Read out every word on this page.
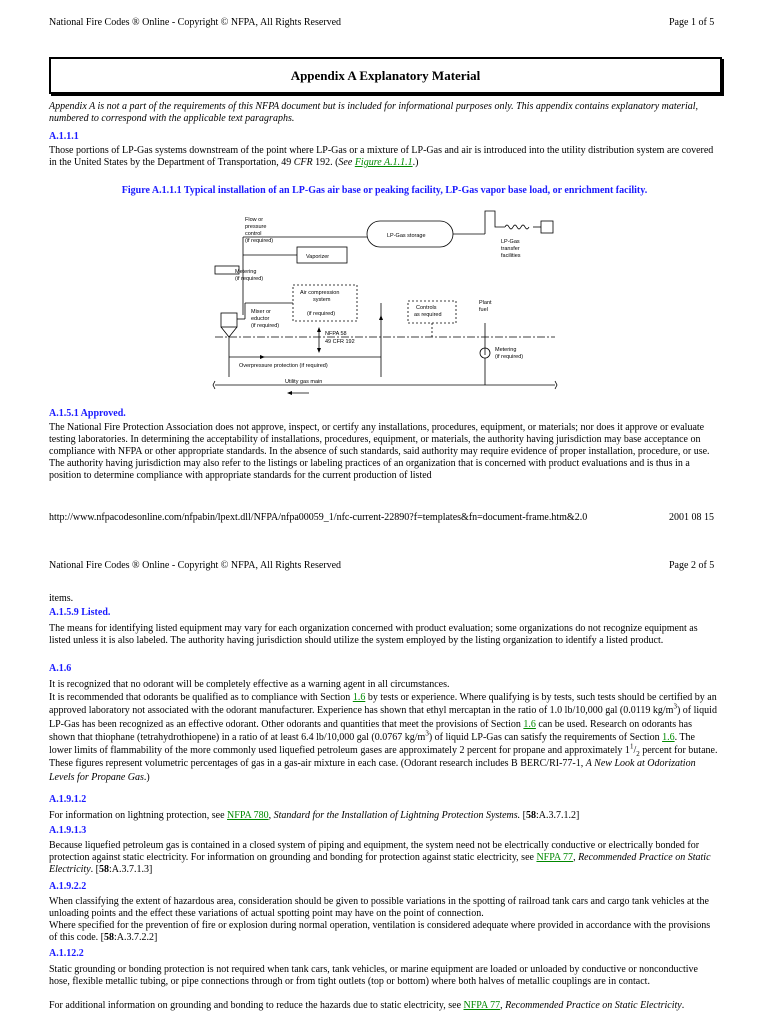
National Fire Codes ® Online - Copyright © NFPA, All Rights Reserved	Page 1 of 5
Appendix A Explanatory Material
Appendix A is not a part of the requirements of this NFPA document but is included for informational purposes only. This appendix contains explanatory material, numbered to correspond with the applicable text paragraphs.
A.1.1.1
Those portions of LP-Gas systems downstream of the point where LP-Gas or a mixture of LP-Gas and air is introduced into the utility distribution system are covered in the United States by the Department of Transportation, 49 CFR 192. (See Figure A.1.1.1.)
Figure A.1.1.1 Typical installation of an LP-Gas air base or peaking facility, LP-Gas vapor base load, or enrichment facility.
Flow or
pressure
control
(if required)
LP-Gas storage
LP-Gas
transfer
facilities
Vaporizer
Metering
(if required)
Air compression
system
(if required)
Controls
as required
Plant
fuel
Mixer or
eductor
(if required)
NFPA 58
49 CFR 192
Metering
(if required)
Overpressure protection (if required)
Utility gas main
A.1.5.1 Approved.
The National Fire Protection Association does not approve, inspect, or certify any installations, procedures, equipment, or materials; nor does it approve or evaluate testing laboratories. In determining the acceptability of installations, procedures, equipment, or materials, the authority having jurisdiction may base acceptance on compliance with NFPA or other appropriate standards. In the absence of such standards, said authority may require evidence of proper installation, procedure, or use. The authority having jurisdiction may also refer to the listings or labeling practices of an organization that is concerned with product evaluations and is thus in a position to determine compliance with appropriate standards for the current production of listed
http://www.nfpacodesonline.com/nfpabin/lpext.dll/NFPA/nfpa00059_1/nfc-current-22890?f=templates&fn=document-frame.htm&2.0	2001 08 15
National Fire Codes ® Online - Copyright © NFPA, All Rights Reserved	Page 2 of 5
items.
A.1.5.9 Listed.
The means for identifying listed equipment may vary for each organization concerned with product evaluation; some organizations do not recognize equipment as listed unless it is also labeled. The authority having jurisdiction should utilize the system employed by the listing organization to identify a listed product.
A.1.6
It is recognized that no odorant will be completely effective as a warning agent in all circumstances.
It is recommended that odorants be qualified as to compliance with Section 1.6 by tests or experience. Where qualifying is by tests, such tests should be certified by an approved laboratory not associated with the odorant manufacturer. Experience has shown that ethyl mercaptan in the ratio of 1.0 lb/10,000 gal (0.0119 $kg/m^3$) of liquid LP-Gas has been recognized as an effective odorant. Other odorants and quantities that meet the provisions of Section 1.6 can be used. Research on odorants has shown that thiophane (tetrahydrothiopene) in a ratio of at least 6.4 lb/10,000 gal (0.0767 $kg/m^3$) of liquid LP-Gas can satisfy the requirements of Section 1.6. The lower limits of flammability of the more commonly used liquefied petroleum gases are approximately 2 percent for propane and approximately $1^1/_2$ percent for butane. These figures represent volumetric percentages of gas in a gas-air mixture in each case. (Odorant research includes B BERC/RI-77-1, A New Look at Odorization Levels for Propane Gas.)
A.1.9.1.2
For information on lightning protection, see NFPA 780, Standard for the Installation of Lightning Protection Systems. [58:A.3.7.1.2]
A.1.9.1.3
Because liquefied petroleum gas is contained in a closed system of piping and equipment, the system need not be electrically conductive or electrically bonded for protection against static electricity. For information on grounding and bonding for protection against static electricity, see NFPA 77, Recommended Practice on Static Electricity. [58:A.3.7.1.3]
A.1.9.2.2
When classifying the extent of hazardous area, consideration should be given to possible variations in the spotting of railroad tank cars and cargo tank vehicles at the unloading points and the effect these variations of actual spotting point may have on the point of connection.
Where specified for the prevention of fire or explosion during normal operation, ventilation is considered adequate where provided in accordance with the provisions of this code. [58:A.3.7.2.2]
A.1.12.2
Static grounding or bonding protection is not required when tank cars, tank vehicles, or marine equipment are loaded or unloaded by conductive or nonconductive hose, flexible metallic tubing, or pipe connections through or from tight outlets (top or bottom) where both halves of metallic couplings are in contact.
For additional information on grounding and bonding to reduce the hazards due to static electricity, see NFPA 77, Recommended Practice on Static Electricity.
